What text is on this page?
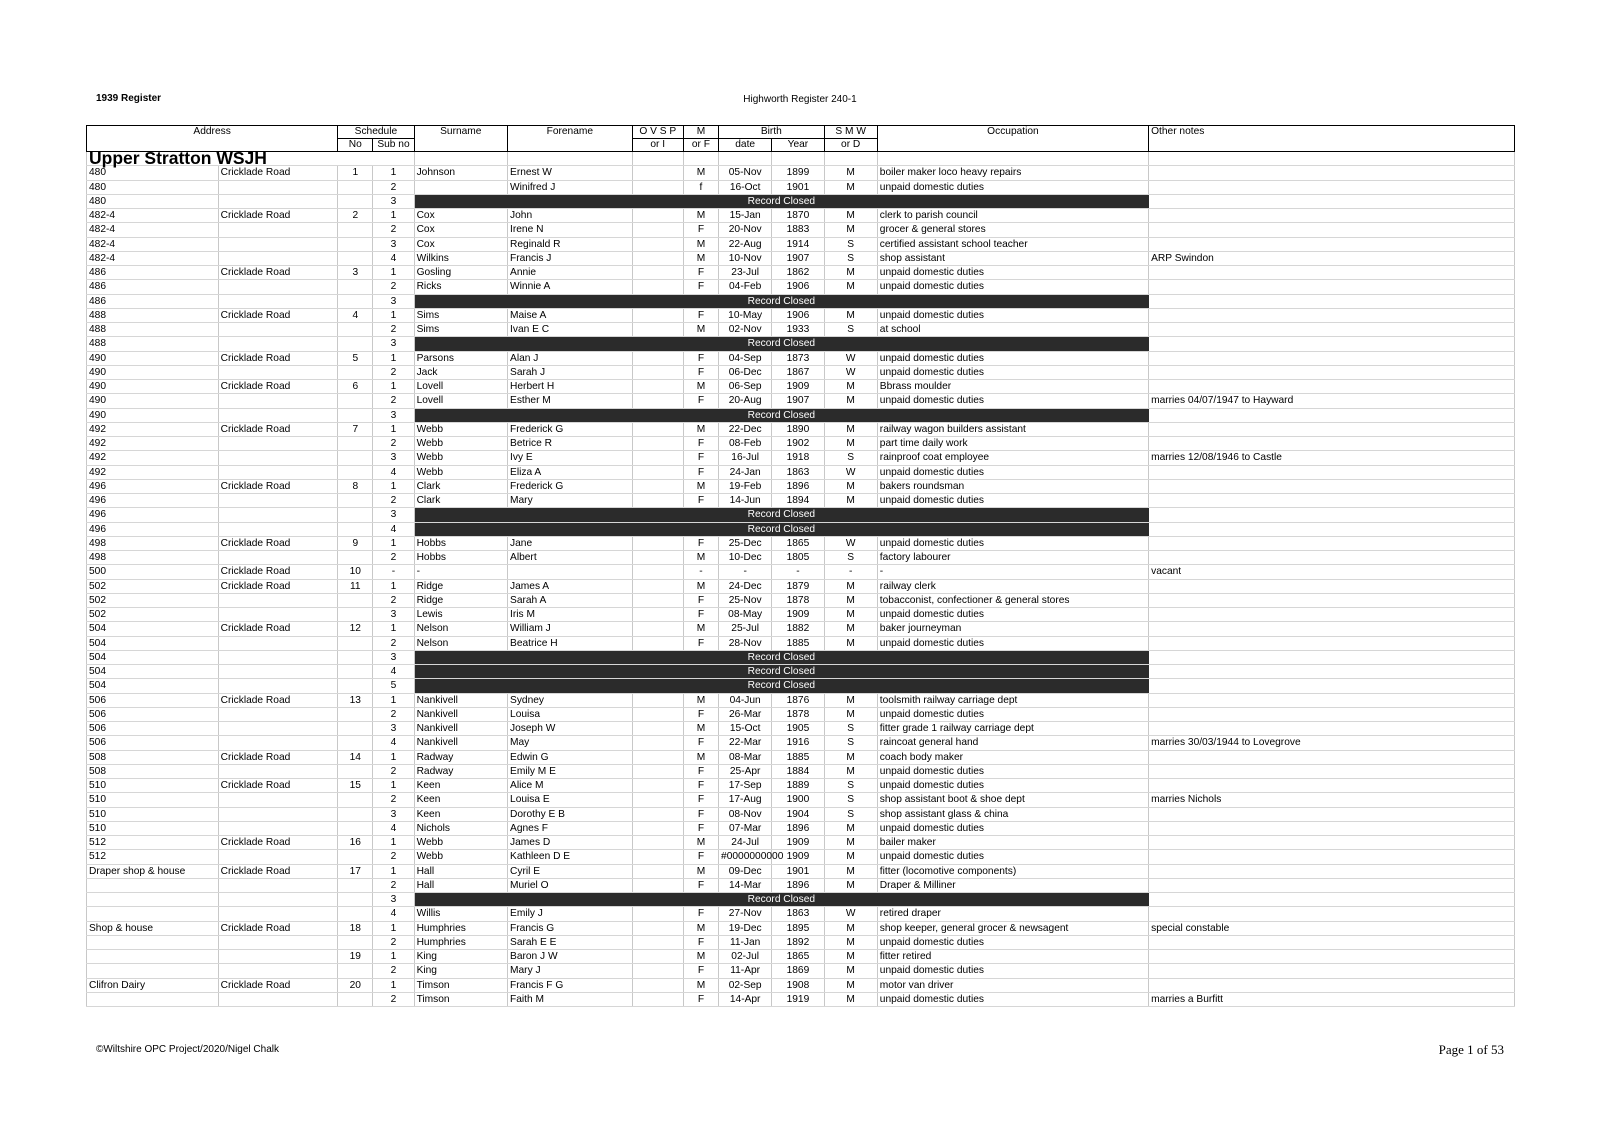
1939 Register	Highworth Register 240-1
Address		Schedule		Surname	Forename	O V S P	M	Birth		S M W	Occupation	Other notes
		No	Sub no			or I	or F	date	Year	or D		
Upper Stratton WSJH												
480	Cricklade Road	1	1	Johnson	Ernest W		M	05-Nov	1899	M	boiler maker loco heavy repairs	
480			2		Winifred J		f	16-Oct	1901	M	unpaid domestic duties	
480			3	Record Closed								
482-4	Cricklade Road	2	1	Cox	John		M	15-Jan	1870	M	clerk to parish council	
482-4			2	Cox	Irene N		F	20-Nov	1883	M	grocer & general stores	
482-4			3	Cox	Reginald R		M	22-Aug	1914	S	certified assistant school teacher	
482-4			4	Wilkins	Francis J		M	10-Nov	1907	S	shop assistant	ARP Swindon
486	Cricklade Road	3	1	Gosling	Annie		F	23-Jul	1862	M	unpaid domestic duties	
486			2	Ricks	Winnie A		F	04-Feb	1906	M	unpaid domestic duties	
486			3	Record Closed								
488	Cricklade Road	4	1	Sims	Maise A		F	10-May	1906	M	unpaid domestic duties	
488			2	Sims	Ivan E C		M	02-Nov	1933	S	at school	
488			3	Record Closed								
490	Cricklade Road	5	1	Parsons	Alan J		F	04-Sep	1873	W	unpaid domestic duties	
490			2	Jack	Sarah J		F	06-Dec	1867	W	unpaid domestic duties	
490	Cricklade Road	6	1	Lovell	Herbert H		M	06-Sep	1909	M	Bbrass moulder	
490			2	Lovell	Esther M		F	20-Aug	1907	M	unpaid domestic duties	marries 04/07/1947 to Hayward
490			3	Record Closed								
492	Cricklade Road	7	1	Webb	Frederick G		M	22-Dec	1890	M	railway wagon builders assistant	
492			2	Webb	Betrice R		F	08-Feb	1902	M	part time daily work	
492			3	Webb	Ivy E		F	16-Jul	1918	S	rainproof coat employee	marries 12/08/1946 to Castle
492			4	Webb	Eliza A		F	24-Jan	1863	W	unpaid domestic duties	
496	Cricklade Road	8	1	Clark	Frederick G		M	19-Feb	1896	M	bakers roundsman	
496			2	Clark	Mary		F	14-Jun	1894	M	unpaid domestic duties	
496			3	Record Closed								
496			4	Record Closed								
498	Cricklade Road	9	1	Hobbs	Jane		F	25-Dec	1865	W	unpaid domestic duties	
498			2	Hobbs	Albert		M	10-Dec	1805	S	factory labourer	
500	Cricklade Road	10	-	-			-	-	-	-	-	vacant
502	Cricklade Road	11	1	Ridge	James A		M	24-Dec	1879	M	railway clerk	
502			2	Ridge	Sarah A		F	25-Nov	1878	M	tobacconist, confectioner & general stores	
502			3	Lewis	Iris M		F	08-May	1909	M	unpaid domestic duties	
504	Cricklade Road	12	1	Nelson	William J		M	25-Jul	1882	M	baker journeyman	
504			2	Nelson	Beatrice H		F	28-Nov	1885	M	unpaid domestic duties	
504			3	Record Closed								
504			4	Record Closed								
504			5	Record Closed								
506	Cricklade Road	13	1	Nankivell	Sydney		M	04-Jun	1876	M	toolsmith railway carriage dept	
506			2	Nankivell	Louisa		F	26-Mar	1878	M	unpaid domestic duties	
506			3	Nankivell	Joseph W		M	15-Oct	1905	S	fitter grade 1 railway carriage dept	
506			4	Nankivell	May		F	22-Mar	1916	S	raincoat general hand	marries 30/03/1944 to Lovegrove
508	Cricklade Road	14	1	Radway	Edwin G		M	08-Mar	1885	M	coach body maker	
508			2	Radway	Emily M E		F	25-Apr	1884	M	unpaid domestic duties	
510	Cricklade Road	15	1	Keen	Alice M		F	17-Sep	1889	S	unpaid domestic duties	
510			2	Keen	Louisa E		F	17-Aug	1900	S	shop assistant boot & shoe dept	marries Nichols
510			3	Keen	Dorothy E B		F	08-Nov	1904	S	shop assistant glass & china	
510			4	Nichols	Agnes F		F	07-Mar	1896	M	unpaid domestic duties	
512	Cricklade Road	16	1	Webb	James D		M	24-Jul	1909	M	bailer maker	
512			2	Webb	Kathleen D E		F	#0000000000	1909	M	unpaid domestic duties	
Draper shop & house	Cricklade Road	17	1	Hall	Cyril E		M	09-Dec	1901	M	fitter (locomotive components)	
			2	Hall	Muriel O		F	14-Mar	1896	M	Draper & Milliner	
			3	Record Closed								
			4	Willis	Emily J		F	27-Nov	1863	W	retired draper	
Shop & house	Cricklade Road	18	1	Humphries	Francis G		M	19-Dec	1895	M	shop keeper, general grocer & newsagent	special constable
			2	Humphries	Sarah E E		F	11-Jan	1892	M	unpaid domestic duties	
		19	1	King	Baron J W		M	02-Jul	1865	M	fitter retired	
			2	King	Mary J		F	11-Apr	1869	M	unpaid domestic duties	
Clifron Dairy	Cricklade Road	20	1	Timson	Francis F G		M	02-Sep	1908	M	motor van driver	
			2	Timson	Faith M		F	14-Apr	1919	M	unpaid domestic duties	marries a Burfitt
©Wiltshire OPC Project/2020/Nigel Chalk	Page 1 of 53
